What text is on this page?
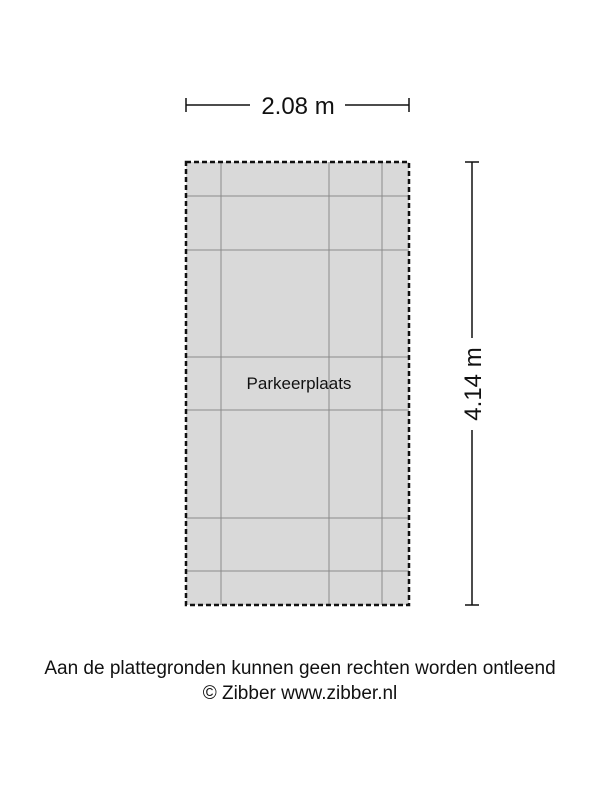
Parkeerplaats
2.08 m
4.14 m
Aan de plattegronden kunnen geen rechten worden ontleend
© Zibber www.zibber.nl
